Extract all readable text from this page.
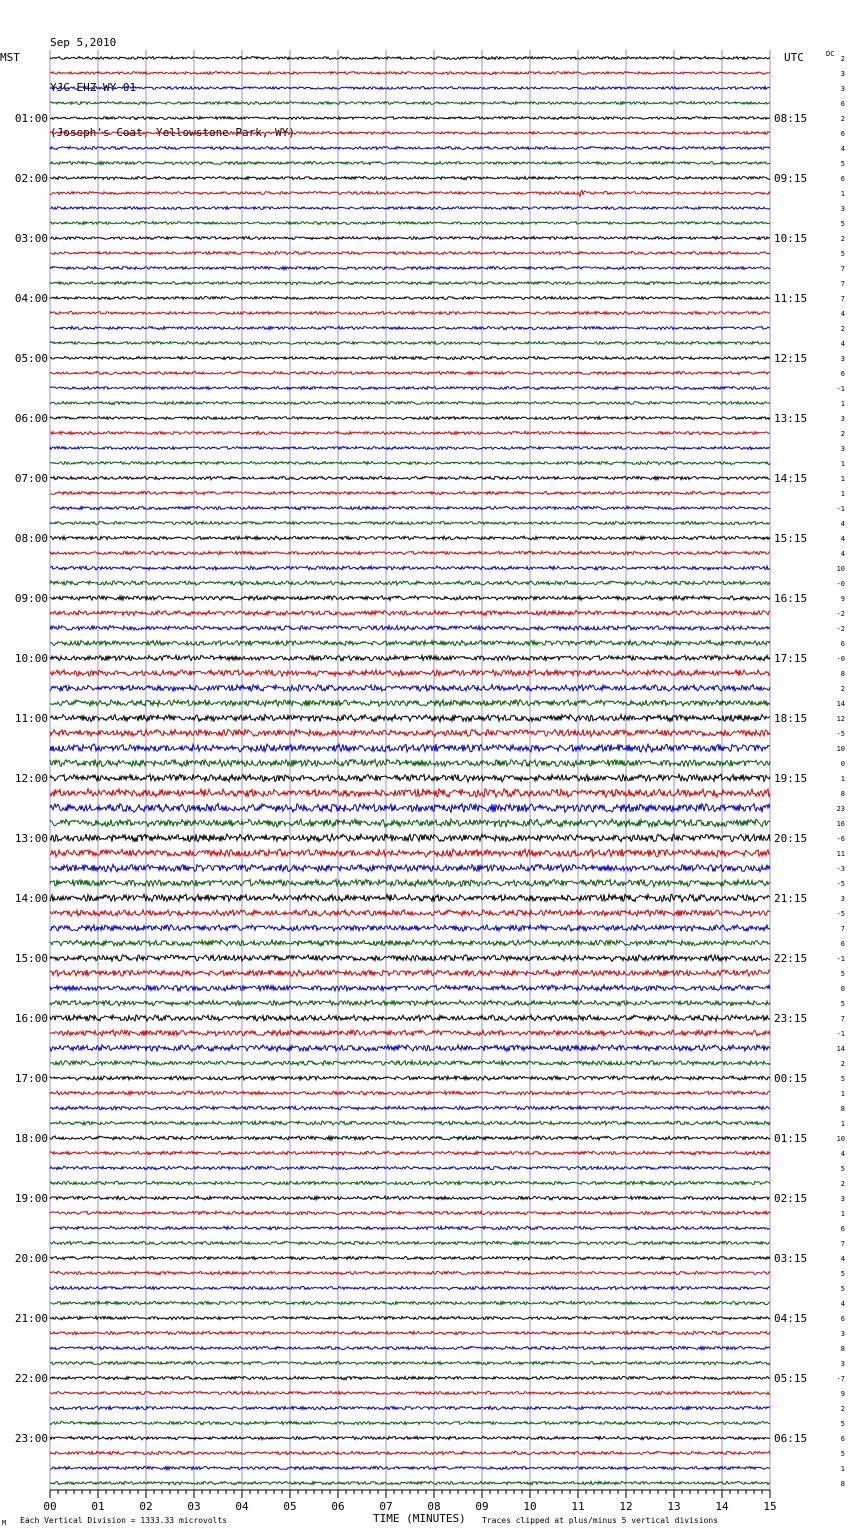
Sep 5,2010

YJC EHZ WY 01

(Joseph's Coat, Yellowstone Park, WY)

MST	UTC	DC
01:00
02:00
03:00
04:00
05:00
06:00
07:00
08:00
09:00
10:00
11:00
12:00
13:00
14:00
15:00
16:00
17:00
18:00
19:00
20:00
21:00
22:00
23:00
08:15
09:15
10:15
11:15
12:15
13:15
14:15
15:15
16:15
17:15
18:15
19:15
20:15
21:15
22:15
23:15
00:15
01:15
02:15
03:15
04:15
05:15
06:15
2
3
3
6
2
6
4
5
6
1
3
5
2
5
7
7
7
4
2
4
3
6
-1
1
3
2
3
1
1
1
-1
4
4
4
10
-0
9
-2
-2
6
-0
8
2
14
12
-5
10
0
1
8
23
16
-6
11
-3
-5
3
-5
7
6
-1
5
0
5
7
-1
14
2
5
1
8
1
10
4
5
2
3
1
6
7
4
5
5
4
6
3
8
3
-7
9
2
5
6
5
1
8
00	01	02	03	04	05	06	07	08	09	10	11	12	13	14	15
TIME (MINUTES)
Each Vertical Division = 1333.33 microvolts	Traces clipped at plus/minus 5 vertical divisions
M
